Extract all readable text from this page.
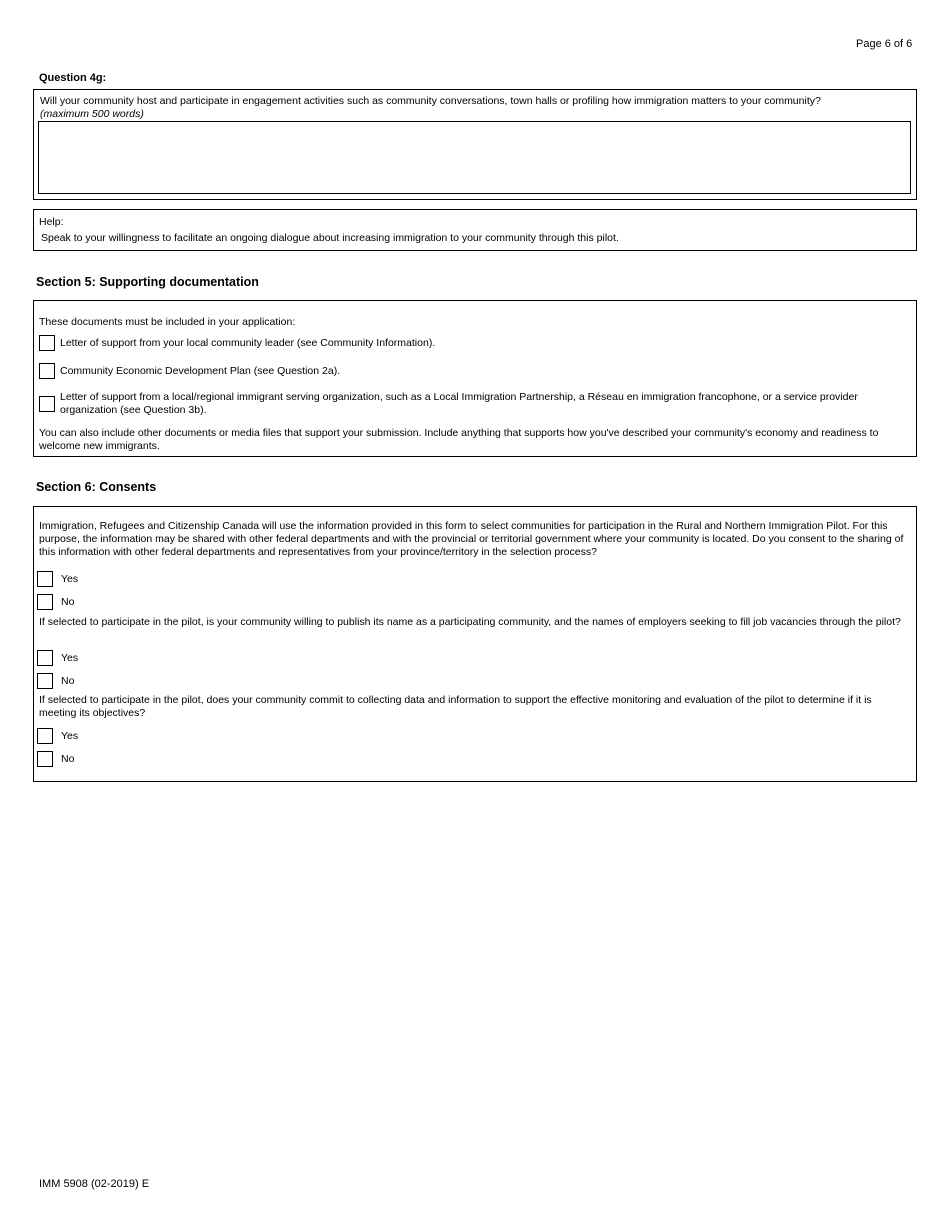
Page 6 of 6
Question 4g:
Will your community host and participate in engagement activities such as community conversations, town halls or profiling how immigration matters to your community?
(maximum 500 words)
Help:
Speak to your willingness to facilitate an ongoing dialogue about increasing immigration to your community through this pilot.
Section 5: Supporting documentation
These documents must be included in your application:
Letter of support from your local community leader (see Community Information).
Community Economic Development Plan (see Question 2a).
Letter of support from a local/regional immigrant serving organization, such as a Local Immigration Partnership, a Réseau en immigration francophone, or a service provider organization (see Question 3b).
You can also include other documents or media files that support your submission. Include anything that supports how you've described your community's economy and readiness to welcome new immigrants.
Section 6: Consents
Immigration, Refugees and Citizenship Canada will use the information provided in this form to select communities for participation in the Rural and Northern Immigration Pilot. For this purpose, the information may be shared with other federal departments and with the provincial or territorial government where your community is located. Do you consent to the sharing of this information with other federal departments and representatives from your province/territory in the selection process?
Yes
No
If selected to participate in the pilot, is your community willing to publish its name as a participating community, and the names of employers seeking to fill job vacancies through the pilot?
Yes
No
If selected to participate in the pilot, does your community commit to collecting data and information to support the effective monitoring and evaluation of the pilot to determine if it is meeting its objectives?
Yes
No
IMM 5908 (02-2019) E
